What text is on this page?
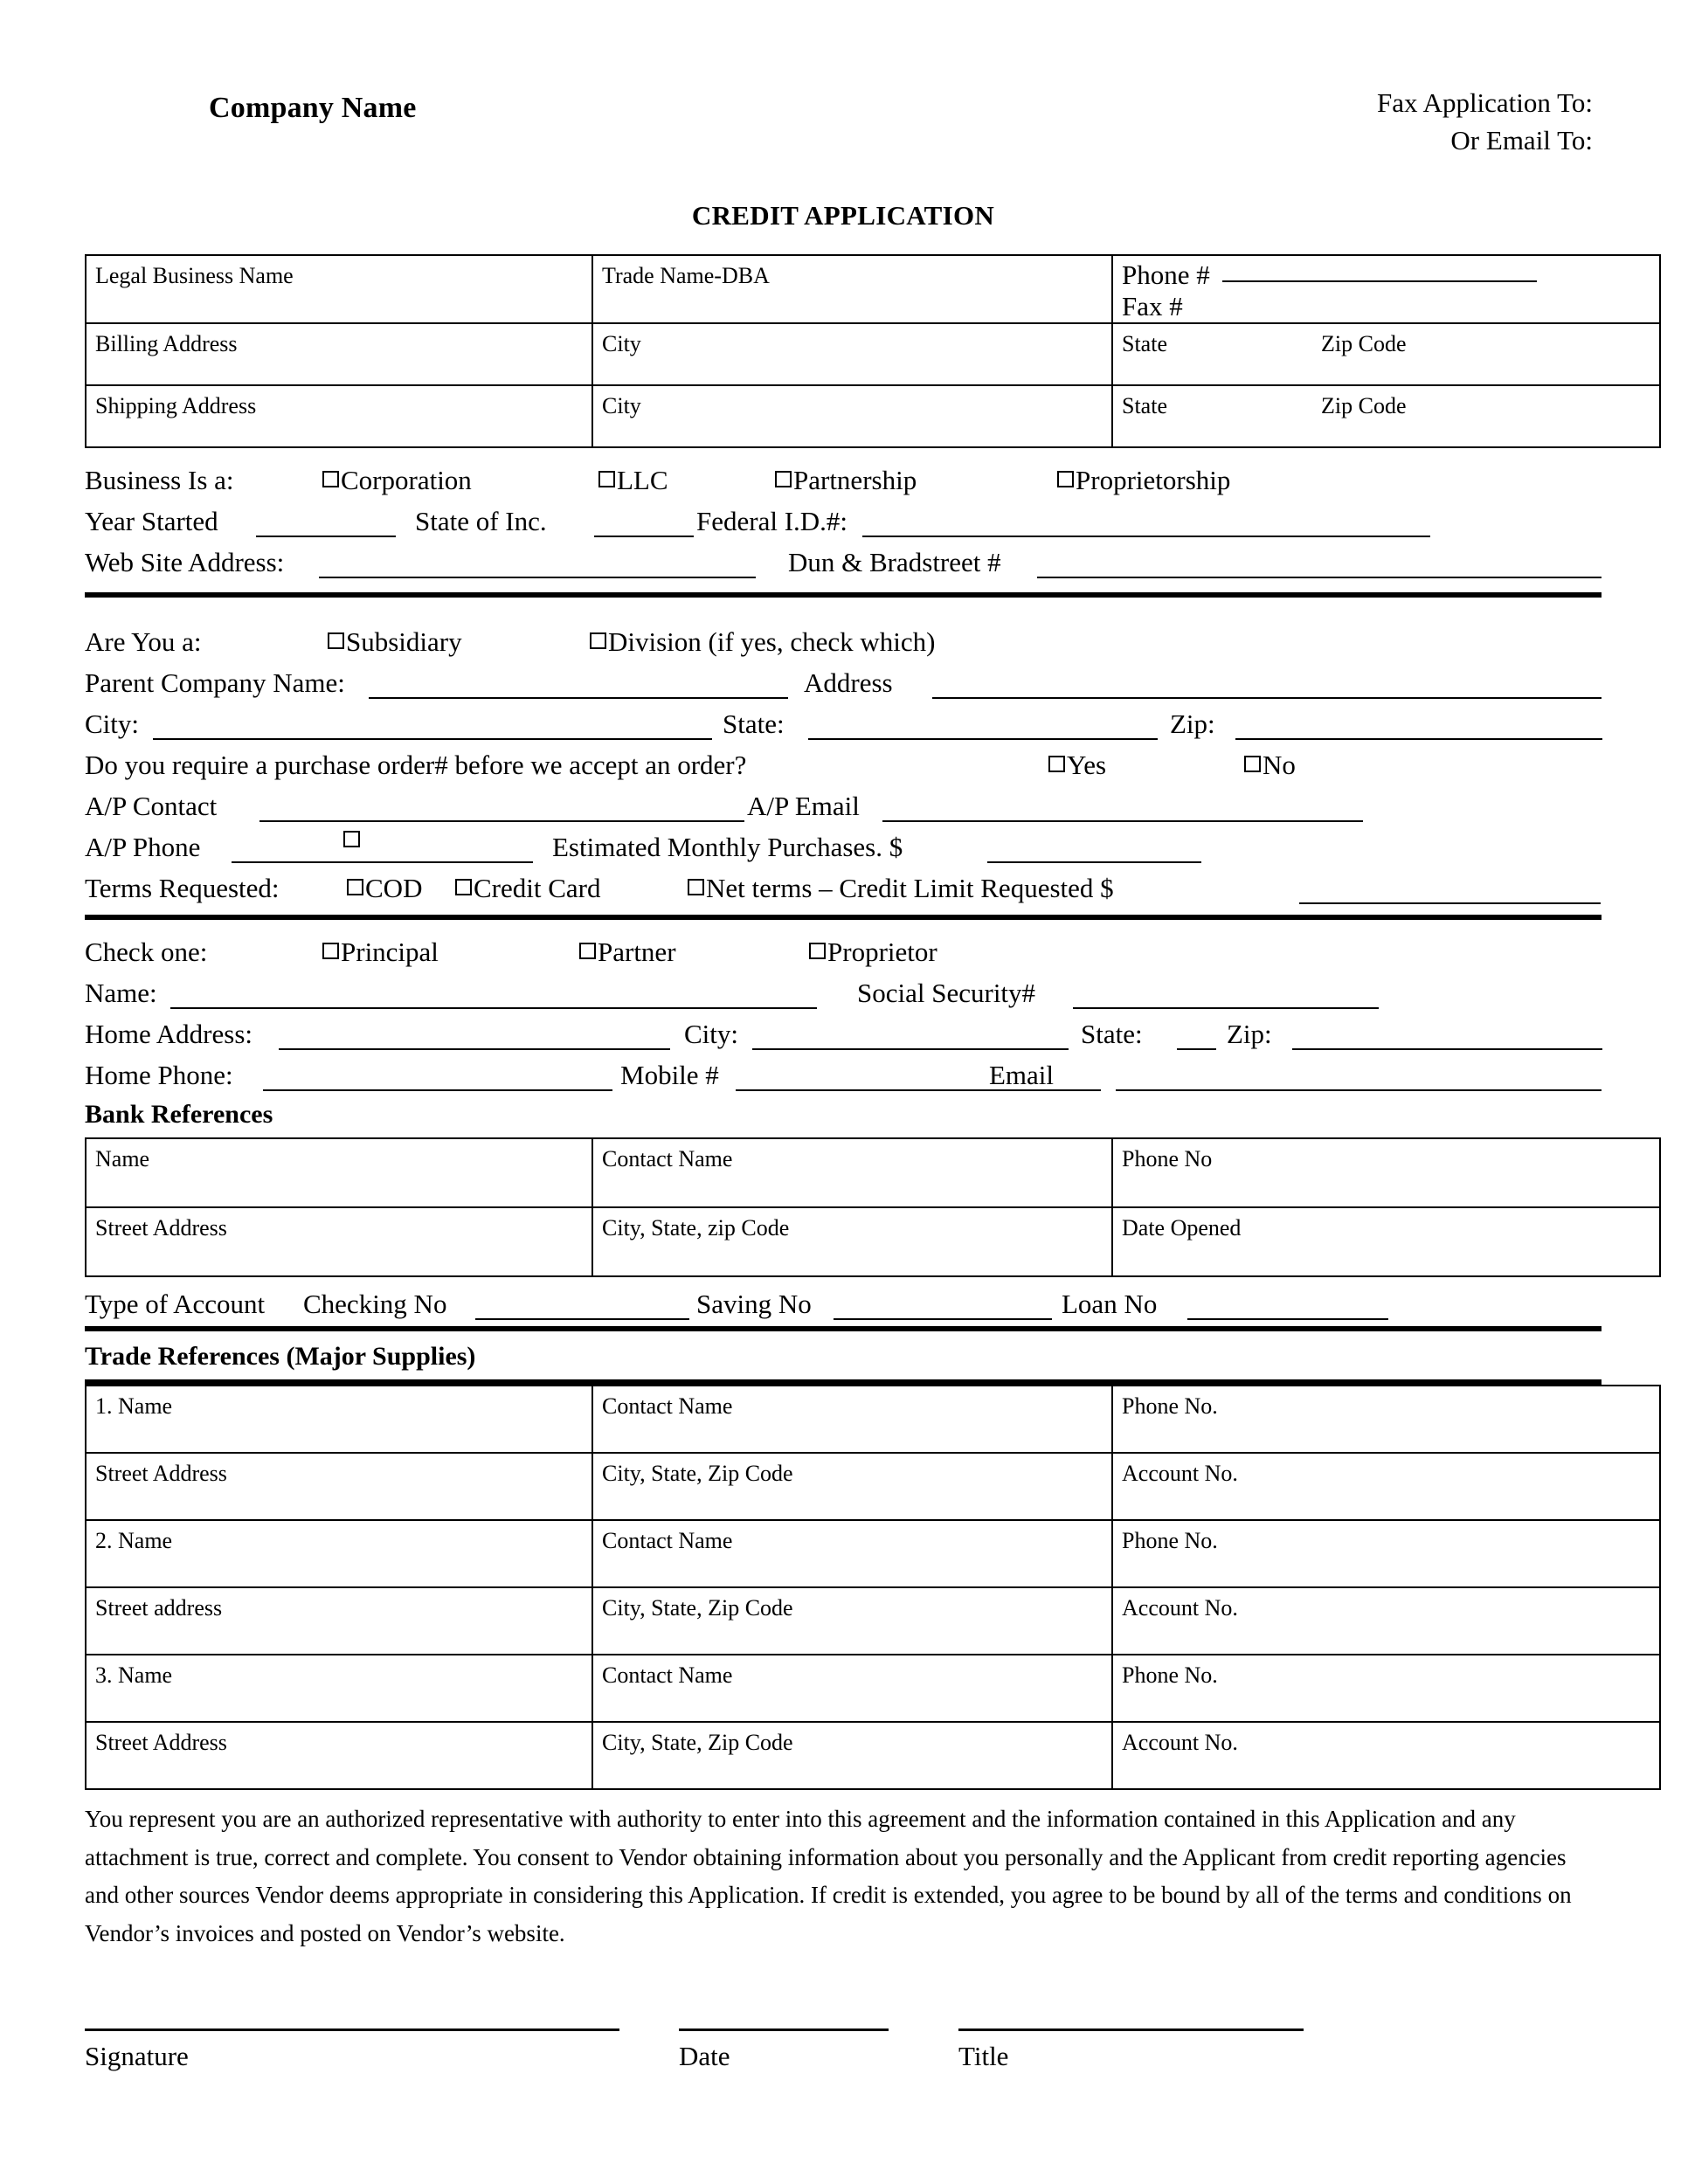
Company Name	Fax Application To:
Or Email To:
CREDIT APPLICATION
Legal Business Name	Trade Name-DBA	Phone #
Fax #

Billing Address	City	State Zip Code

Shipping Address	City	State Zip Code
Business Is a:	Corporation	LLC	Partnership	Proprietorship
Year Started	State of Inc.	Federal I.D.#:
Web Site Address:	Dun & Bradstreet #
Are You a:	Subsidiary	Division (if yes, check which)
Parent Company Name:	Address
City:	State:	Zip:
Do you require a purchase order# before we accept an order?	Yes	No
A/P Contact	A/P Email
A/P Phone	Estimated Monthly Purchases. $
Terms Requested:	COD	Credit Card	Net terms – Credit Limit Requested $
Check one:	Principal	Partner	Proprietor
Name:	Social Security#
Home Address:	City:	State:	Zip:
Home Phone:	Mobile #	Email
Bank References
Name	Contact Name	Phone No
Street Address	City, State, zip Code	Date Opened
Type of Account Checking No	Saving No	Loan No
Trade References (Major Supplies)
1. Name	Contact Name	Phone No.
Street Address	City, State, Zip Code	Account No.
2. Name	Contact Name	Phone No.
Street address	City, State, Zip Code	Account No.
3. Name	Contact Name	Phone No.
Street Address	City, State, Zip Code	Account No.
You represent you are an authorized representative with authority to enter into this agreement and the information contained in this Application and any attachment is true, correct and complete. You consent to Vendor obtaining information about you personally and the Applicant from credit reporting agencies and other sources Vendor deems appropriate in considering this Application. If credit is extended, you agree to be bound by all of the terms and conditions on Vendor’s invoices and posted on Vendor’s website.
Signature	Date	Title
